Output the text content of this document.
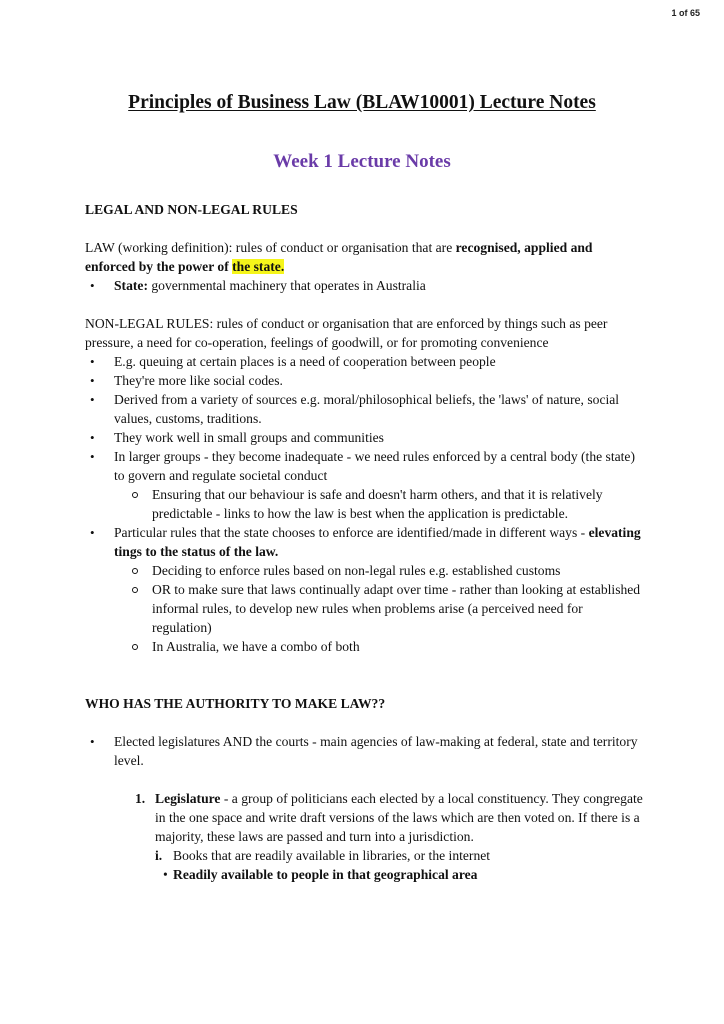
1 of 65
Principles of Business Law (BLAW10001) Lecture Notes
Week 1 Lecture Notes

LEGAL AND NON-LEGAL RULES

LAW (working definition): rules of conduct or organisation that are recognised, applied and enforced by the power of the state.

• State: governmental machinery that operates in Australia

NON-LEGAL RULES: rules of conduct or organisation that are enforced by things such as peer pressure, a need for co-operation, feelings of goodwill, or for promoting convenience

• E.g. queuing at certain places is a need of cooperation between people
• They're more like social codes.
• Derived from a variety of sources e.g. moral/philosophical beliefs, the 'laws' of nature, social values, customs, traditions.
• They work well in small groups and communities
• In larger groups - they become inadequate - we need rules enforced by a central body (the state) to govern and regulate societal conduct
Ensuring that our behaviour is safe and doesn't harm others, and that it is relatively predictable - links to how the law is best when the application is predictable.
• Particular rules that the state chooses to enforce are identified/made in different ways - elevating tings to the status of the law.
Deciding to enforce rules based on non-legal rules e.g. established customs
OR to make sure that laws continually adapt over time - rather than looking at established informal rules, to develop new rules when problems arise (a perceived need for regulation)
In Australia, we have a combo of both

WHO HAS THE AUTHORITY TO MAKE LAW??

• Elected legislatures AND the courts - main agencies of law-making at federal, state and territory level.
1. Legislature - a group of politicians each elected by a local constituency. They congregate in the one space and write draft versions of the laws which are then voted on. If there is a majority, these laws are passed and turn into a jurisdiction.
i. Books that are readily available in libraries, or the internet
• Readily available to people in that geographical area
